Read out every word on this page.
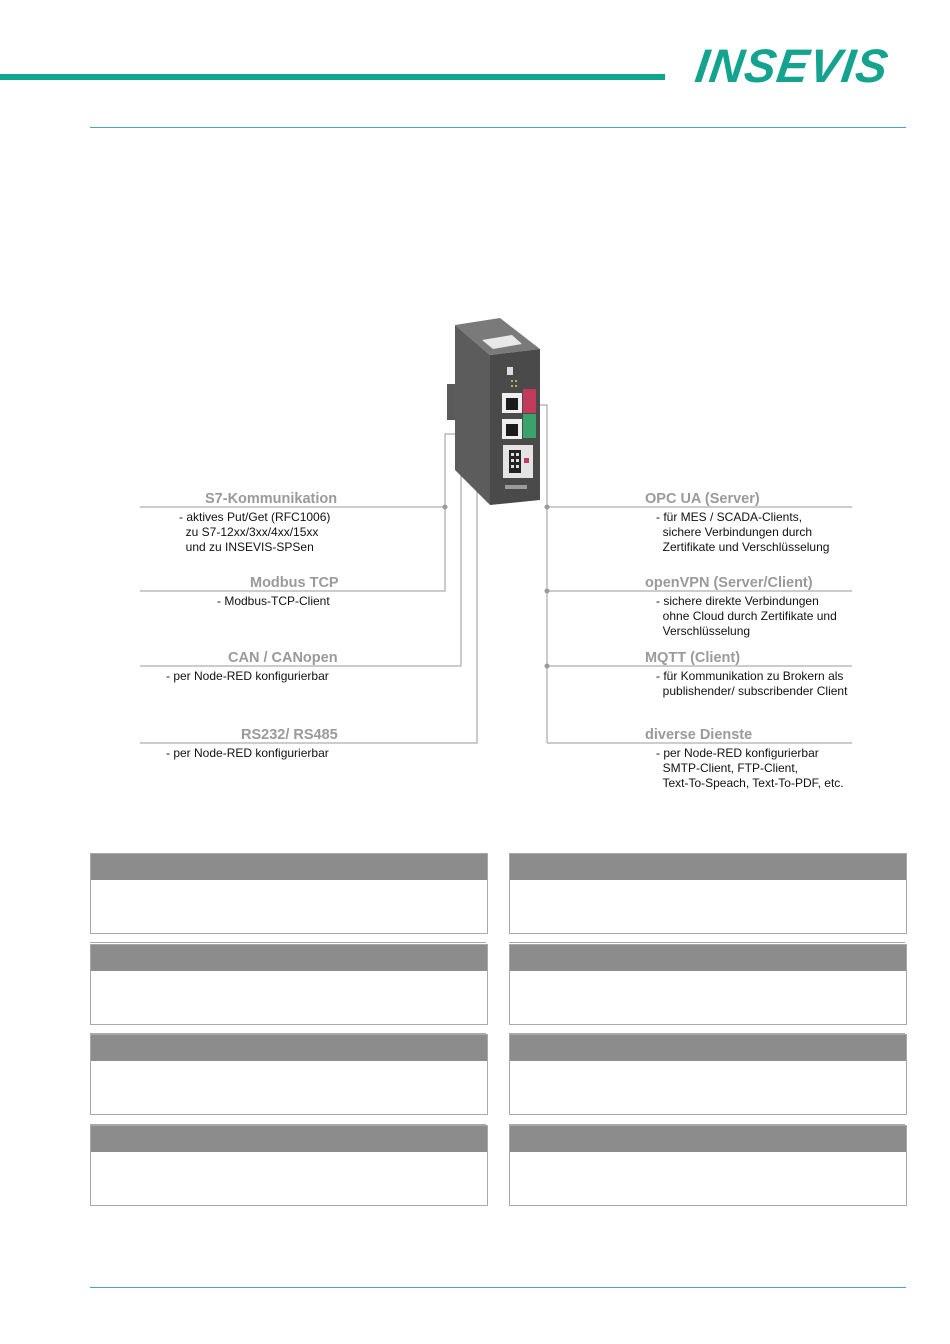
INSEVIS
S7-Kommunikation
- aktives Put/Get (RFC1006)
zu S7-12xx/3xx/4xx/15xx
und zu INSEVIS-SPSen
Modbus TCP
- Modbus-TCP-Client
CAN / CANopen
- per Node-RED konfigurierbar
RS232/ RS485
- per Node-RED konfigurierbar
OPC UA (Server)
- für MES / SCADA-Clients,
sichere Verbindungen durch
Zertifikate und Verschlüsselung
openVPN (Server/Client)
- sichere direkte Verbindungen
ohne Cloud durch Zertifikate und
Verschlüsselung
MQTT (Client)
- für Kommunikation zu Brokern als
publishender/ subscribender Client
diverse Dienste
- per Node-RED konfigurierbar
SMTP-Client, FTP-Client,
Text-To-Speach, Text-To-PDF, etc.
